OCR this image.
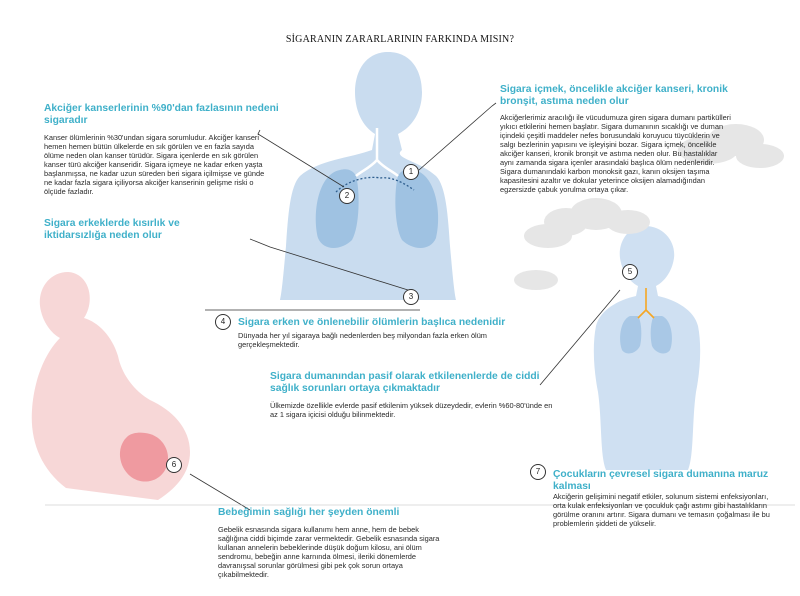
SİGARANIN ZARARLARININ FARKINDA MISIN?
Akciğer kanserlerinin %90'dan fazlasının nedeni sigaradır
Kanser ölümlerinin %30'undan sigara sorumludur. Akciğer kanseri hemen hemen bütün ülkelerde en sık görülen ve en fazla sayıda ölüme neden olan kanser türüdür. Sigara içenlerde en sık görülen kanser türü akciğer kanseridir. Sigara içmeye ne kadar erken yaşta başlanmışsa, ne kadar uzun süreden beri sigara içilmişse ve günde ne kadar fazla sigara içiliyorsa akciğer kanserinin gelişme riski o ölçüde fazladır.
Sigara içmek, öncelikle akciğer kanseri, kronik bronşit, astıma neden olur
Akciğerlerimiz aracılığı ile vücudumuza giren sigara dumanı partikülleri yıkıcı etkilerini hemen başlatır. Sigara dumanının sıcaklığı ve duman içindeki çeşitli maddeler nefes borusundaki koruyucu tüycüklerin ve salgı bezlerinin yapısını ve işleyişini bozar. Sigara içmek, öncelikle akciğer kanseri, kronik bronşit ve astıma neden olur. Bu hastalıklar aynı zamanda sigara içenler arasındaki başlıca ölüm nedenleridir. Sigara dumanındaki karbon monoksit gazı, kanın oksijen taşıma kapasitesini azaltır ve dokular yeterince oksijen alamadığından egzersizde çabuk yorulma ortaya çıkar.
Sigara erkeklerde kısırlık ve iktidarsızlığa neden olur
4	Sigara erken ve önlenebilir ölümlerin başlıca nedenidir
Dünyada her yıl sigaraya bağlı nedenlerden beş milyondan fazla erken ölüm gerçekleşmektedir.
Sigara dumanından pasif olarak etkilenenlerde de ciddi sağlık sorunları ortaya çıkmaktadır
Ülkemizde özellikle evlerde pasif etkilenim yüksek düzeydedir, evlerin %60-80'ünde en az 1 sigara içicisi olduğu bilinmektedir.
7	Çocukların çevresel sigara dumanına maruz kalması
Akciğerin gelişimini negatif etkiler, solunum sistemi enfeksiyonları, orta kulak enfeksiyonları ve çocukluk çağı astımı gibi hastalıkların görülme oranını artırır. Sigara dumanı ve temasın çoğalması ile bu problemlerin şiddeti de yükselir.
Bebeğimin sağlığı her şeyden önemli
Gebelik esnasında sigara kullanımı hem anne, hem de bebek sağlığına ciddi biçimde zarar vermektedir. Gebelik esnasında sigara kullanan annelerin bebeklerinde düşük doğum kilosu, ani ölüm sendromu, bebeğin anne karnında ölmesi, ileriki dönemlerde davranışsal sorunlar görülmesi gibi pek çok sorun ortaya çıkabilmektedir.
1
2
3
5
6
